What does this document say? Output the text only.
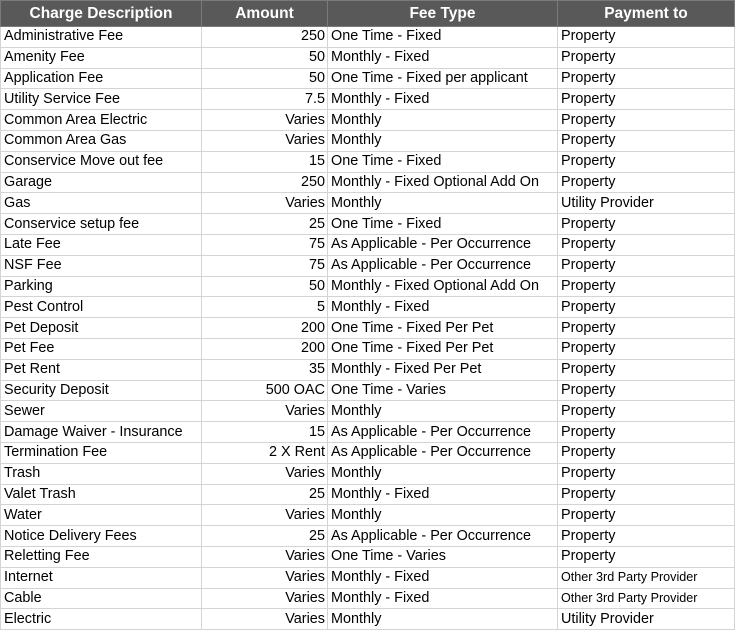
Charge Description	Amount	Fee Type	Payment to
Administrative Fee	250	One Time - Fixed	Property
Amenity Fee	50	Monthly - Fixed	Property
Application Fee	50	One Time - Fixed per applicant	Property
Utility Service Fee	7.5	Monthly - Fixed	Property
Common Area Electric	Varies	Monthly	Property
Common Area Gas	Varies	Monthly	Property
Conservice Move out fee	15	One Time - Fixed	Property
Garage	250	Monthly - Fixed Optional Add On	Property
Gas	Varies	Monthly	Utility Provider
Conservice setup fee	25	One Time - Fixed	Property
Late Fee	75	As Applicable - Per Occurrence	Property
NSF Fee	75	As Applicable - Per Occurrence	Property
Parking	50	Monthly - Fixed Optional Add On	Property
Pest Control	5	Monthly - Fixed	Property
Pet Deposit	200	One Time - Fixed Per Pet	Property
Pet Fee	200	One Time - Fixed Per Pet	Property
Pet Rent	35	Monthly - Fixed Per Pet	Property
Security Deposit	500 OAC	One Time - Varies	Property
Sewer	Varies	Monthly	Property
Damage Waiver - Insurance	15	As Applicable - Per Occurrence	Property
Termination Fee	2 X Rent	As Applicable - Per Occurrence	Property
Trash	Varies	Monthly	Property
Valet Trash	25	Monthly - Fixed	Property
Water	Varies	Monthly	Property
Notice Delivery Fees	25	As Applicable - Per Occurrence	Property
Reletting Fee	Varies	One Time - Varies	Property
Internet	Varies	Monthly - Fixed	Other 3rd Party Provider
Cable	Varies	Monthly - Fixed	Other 3rd Party Provider
Electric	Varies	Monthly	Utility Provider
